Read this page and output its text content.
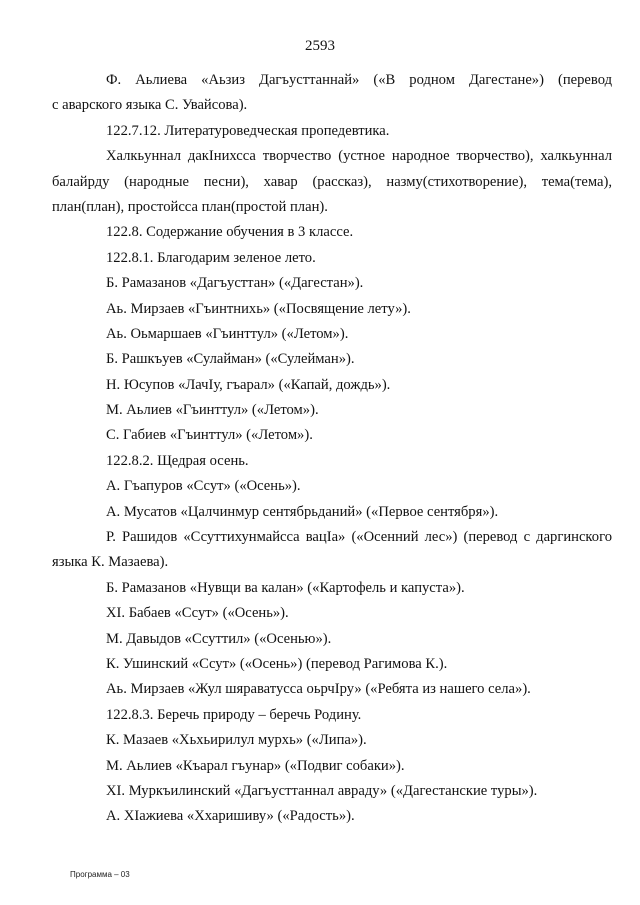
2593
Ф. Аьлиева «Аьзиз Дагъусттаннай» («В родном Дагестане») (перевод
с аварского языка С. Увайсова).
122.7.12. Литературоведческая пропедевтика.
Халкьуннал дакIнихсса творчество (устное народное творчество), халкьуннал
балайрду (народные песни), хавар (рассказ), назму(стихотворение), тема(тема),
план(план), простойсса план(простой план).
122.8. Содержание обучения в 3 классе.
122.8.1. Благодарим зеленое лето.
Б. Рамазанов «Дагъусттан» («Дагестан»).
Аь. Мирзаев «Гъинтнихь» («Посвящение лету»).
Аь. Оьмаршаев «Гъинттул» («Летом»).
Б. Рашкъуев «Сулайман» («Сулейман»).
Н. Юсупов «ЛачIу, гъарал» («Капай, дождь»).
М. Аьлиев «Гъинттул» («Летом»).
С. Габиев «Гъинттул» («Летом»).
122.8.2. Щедрая осень.
А. Гъапуров «Ссут» («Осень»).
А. Мусатов «Цалчинмур сентябрьданий» («Первое сентября»).
Р. Рашидов «Ссуттихунмайсса вацIа» («Осенний лес») (перевод с даргинского
языка К. Мазаева).
Б. Рамазанов «Нувщи ва калан» («Картофель и капуста»).
XI. Бабаев «Ссут» («Осень»).
М. Давыдов «Ссуттил» («Осенью»).
К. Ушинский «Ссут» («Осень») (перевод Рагимова К.).
Аь. Мирзаев «Жул шяраватусса оьрчIру» («Ребята из нашего села»).
122.8.3. Беречь природу – беречь Родину.
К. Мазаев «Хьхьирилул мурхь» («Липа»).
М. Аьлиев «Къарал гъунар» («Подвиг собаки»).
XI. Муркъилинский «Дагъусттаннал авраду» («Дагестанские туры»).
А. XIажиева «Ххаришиву» («Радость»).
Программа – 03
